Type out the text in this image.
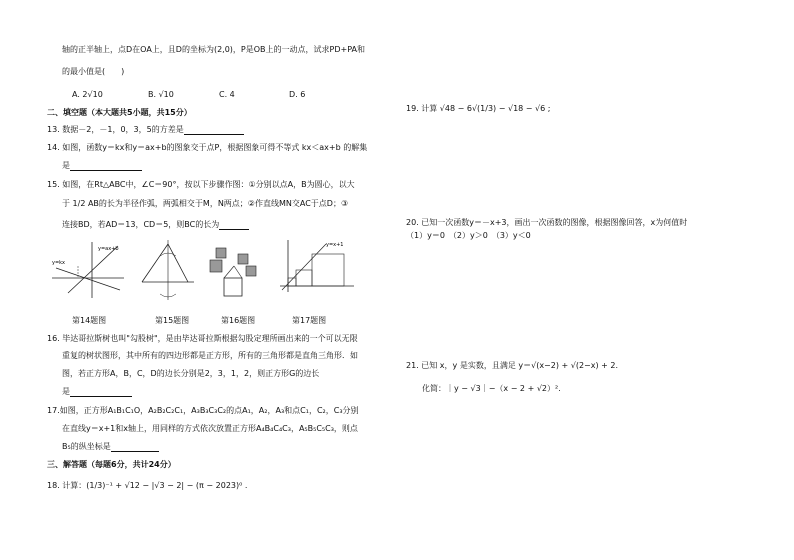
轴的正半轴上，点D在OA上，且D的坐标为(2,0)，P是OB上的一动点，试求PD+PA和
的最小值是(　　)
A. 2√10	B. √10	C. 4	D. 6
二、填空题（本大题共5小题，共15分）
13. 数据－2，－1，0，3，5的方差是
14. 如图，函数y＝kx和y＝ax+b的图象交于点P，根据图象可得不等式 kx＜ax+b 的解集
是
15. 如图，在Rt△ABC中，∠C＝90°，按以下步骤作图：①分别以点A，B为圆心，以大
于 1/2 AB的长为半径作弧，两弧相交于M，N两点；②作直线MN交AC于点D；③
连接BD，若AD＝13，CD＝5，则BC的长为
y=ax+b
y=kx
y=x+1
第14题图	第15题图	第16题图	第17题图
16. 毕达哥拉斯树也叫"勾股树"，是由毕达哥拉斯根据勾股定理所画出来的一个可以无限
重复的树状图形，其中所有的四边形都是正方形，所有的三角形都是直角三角形．如
图，若正方形A，B，C，D的边长分别是2，3，1，2，则正方形G的边长
是
17.如图，正方形A₁B₁C₁O，A₂B₂C₂C₁，A₃B₃C₃C₂的点A₁，A₂，A₃和点C₁，C₂，C₃分别
在直线y＝x+1和x轴上，用同样的方式依次放置正方形A₄B₄C₄C₃，A₅B₅C₅C₃，则点
B₅的纵坐标是
三、解答题（每题6分，共计24分）
18. 计算：(1/3)⁻¹ + √12 − |√3 − 2| − (π − 2023)⁰ .
19. 计算 √48 − 6√(1/3) − √18 − √6 ;
20. 已知一次函数y＝－x+3，画出一次函数的图像，根据图像回答，x为何值时
（1）y＝0　（2）y＞0　（3）y＜0
21. 已知 x，y 是实数，且满足 y＝√(x−2) + √(2−x) + 2.
化简：｜y − √3｜−（x − 2 + √2）².
